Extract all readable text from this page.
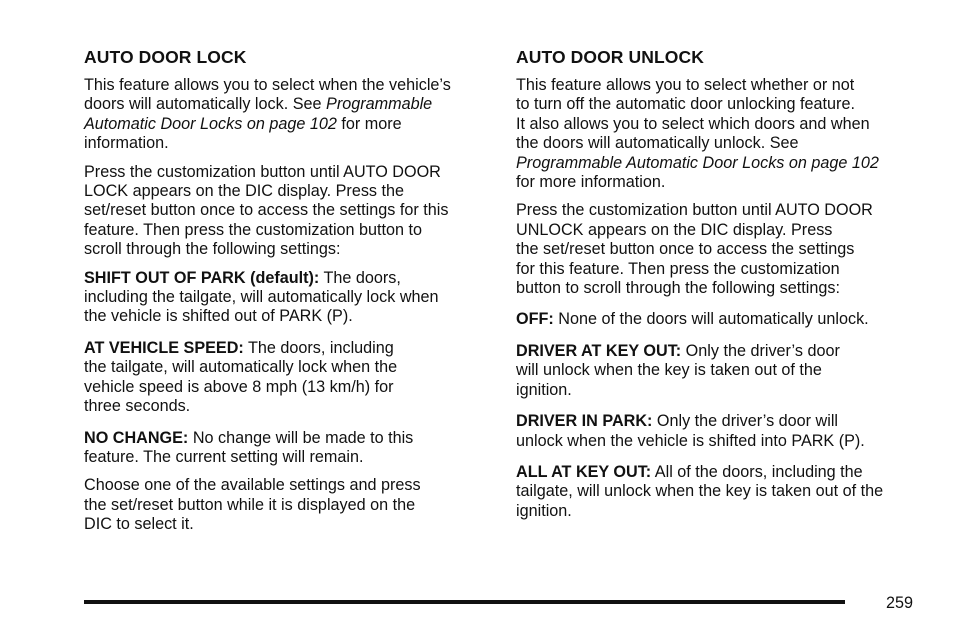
AUTO DOOR LOCK
This feature allows you to select when the vehicle’s
doors will automatically lock. See Programmable
Automatic Door Locks on page 102 for more
information.
Press the customization button until AUTO DOOR
LOCK appears on the DIC display. Press the
set/reset button once to access the settings for this
feature. Then press the customization button to
scroll through the following settings:
SHIFT OUT OF PARK (default): The doors,
including the tailgate, will automatically lock when
the vehicle is shifted out of PARK (P).
AT VEHICLE SPEED: The doors, including
the tailgate, will automatically lock when the
vehicle speed is above 8 mph (13 km/h) for
three seconds.
NO CHANGE: No change will be made to this
feature. The current setting will remain.
Choose one of the available settings and press
the set/reset button while it is displayed on the
DIC to select it.
AUTO DOOR UNLOCK
This feature allows you to select whether or not
to turn off the automatic door unlocking feature.
It also allows you to select which doors and when
the doors will automatically unlock. See
Programmable Automatic Door Locks on page 102
for more information.
Press the customization button until AUTO DOOR
UNLOCK appears on the DIC display. Press
the set/reset button once to access the settings
for this feature. Then press the customization
button to scroll through the following settings:
OFF: None of the doors will automatically unlock.
DRIVER AT KEY OUT: Only the driver’s door
will unlock when the key is taken out of the
ignition.
DRIVER IN PARK: Only the driver’s door will
unlock when the vehicle is shifted into PARK (P).
ALL AT KEY OUT: All of the doors, including the
tailgate, will unlock when the key is taken out of the
ignition.
259
